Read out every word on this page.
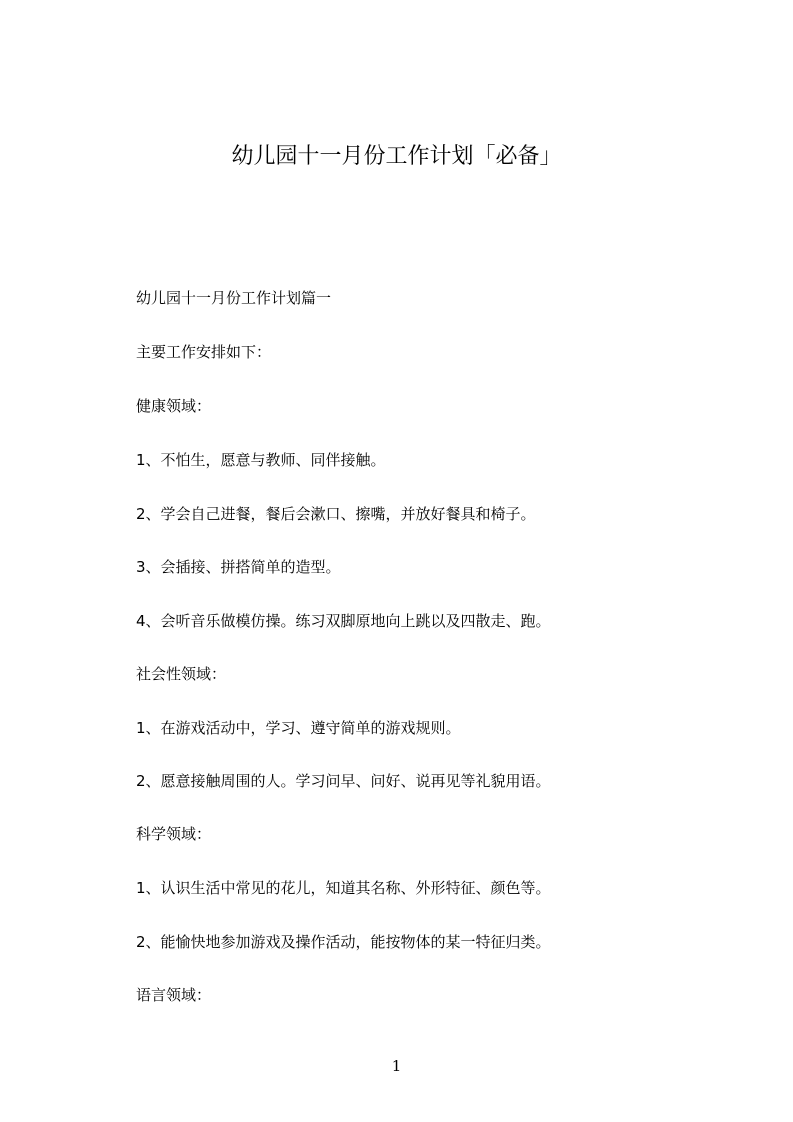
幼儿园十一月份工作计划「必备」
幼儿园十一月份工作计划篇一
主要工作安排如下：
健康领域：
1、不怕生，愿意与教师、同伴接触。
2、学会自己进餐，餐后会漱口、擦嘴，并放好餐具和椅子。
3、会插接、拼搭简单的造型。
4、会听音乐做模仿操。练习双脚原地向上跳以及四散走、跑。
社会性领域：
1、在游戏活动中，学习、遵守简单的游戏规则。
2、愿意接触周围的人。学习问早、问好、说再见等礼貌用语。
科学领域：
1、认识生活中常见的花儿，知道其名称、外形特征、颜色等。
2、能愉快地参加游戏及操作活动，能按物体的某一特征归类。
语言领域：
1
